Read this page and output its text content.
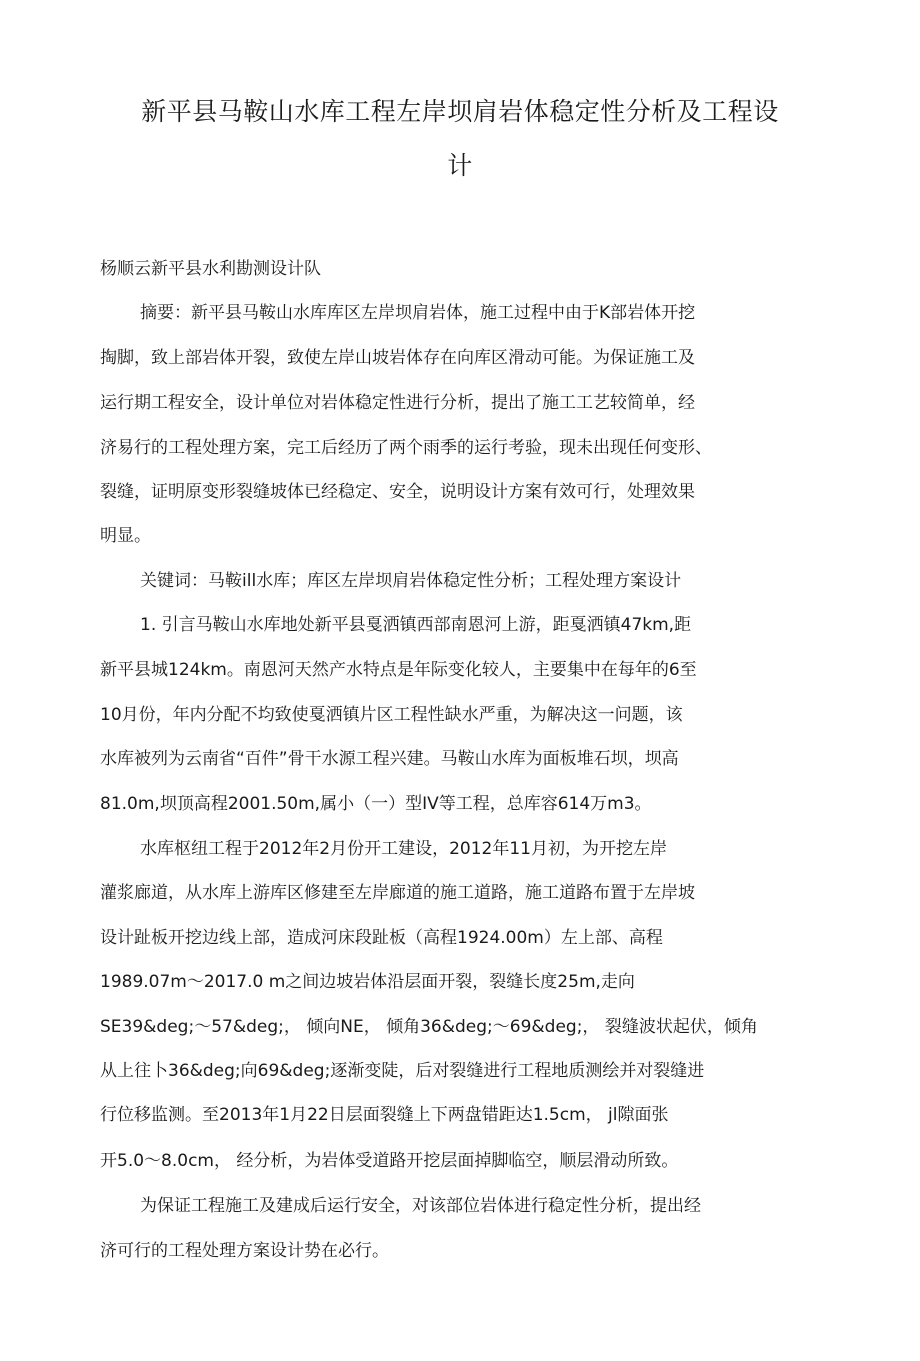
新平县马鞍山水库工程左岸坝肩岩体稳定性分析及工程设
计

杨顺云新平县水利勘测设计队

摘要：新平县马鞍山水库库区左岸坝肩岩体，施工过程中由于K部岩体开挖

掏脚，致上部岩体开裂，致使左岸山坡岩体存在向库区滑动可能。为保证施工及

运行期工程安全，设计单位对岩体稳定性进行分析，提出了施工工艺较简单，经

济易行的工程处理方案，完工后经历了两个雨季的运行考验，现未出现任何变形、

裂缝，证明原变形裂缝坡体已经稳定、安全，说明设计方案有效可行，处理效果

明显。

关键词：马鞍ill水库；库区左岸坝肩岩体稳定性分析；工程处理方案设计

1. 引言马鞍山水库地处新平县戛洒镇西部南恩河上游，距戛洒镇47km,距

新平县城124km。南恩河天然产水特点是年际变化较人，主要集中在每年的6至

10月份，年内分配不均致使戛洒镇片区工程性缺水严重，为解决这一问题，该

水库被列为云南省“百件”骨干水源工程兴建。马鞍山水库为面板堆石坝，坝高

81.0m,坝顶高程2001.50m,属小（一）型IV等工程，总库容614万m3。

水库枢纽工程于2012年2月份开工建设，2012年11月初，为开挖左岸

灌浆廊道，从水库上游库区修建至左岸廊道的施工道路，施工道路布置于左岸坡

设计趾板开挖边线上部，造成河床段趾板（高程1924.00m）左上部、高程

1989.07m～2017.0 m之间边坡岩体沿层面开裂，裂缝长度25m,走向

SE39&deg;～57&deg;， 倾向NE， 倾角36&deg;～69&deg;， 裂缝波状起伏，倾角

从上往卜36&deg;向69&deg;逐渐变陡，后对裂缝进行工程地质测绘并对裂缝进

行位移监测。至2013年1月22日层面裂缝上下两盘错距达1.5cm， jl隙面张

开5.0～8.0cm， 经分析，为岩体受道路开挖层面掉脚临空，顺层滑动所致。

为保证工程施工及建成后运行安全，对该部位岩体进行稳定性分析，提出经

济可行的工程处理方案设计势在必行。
